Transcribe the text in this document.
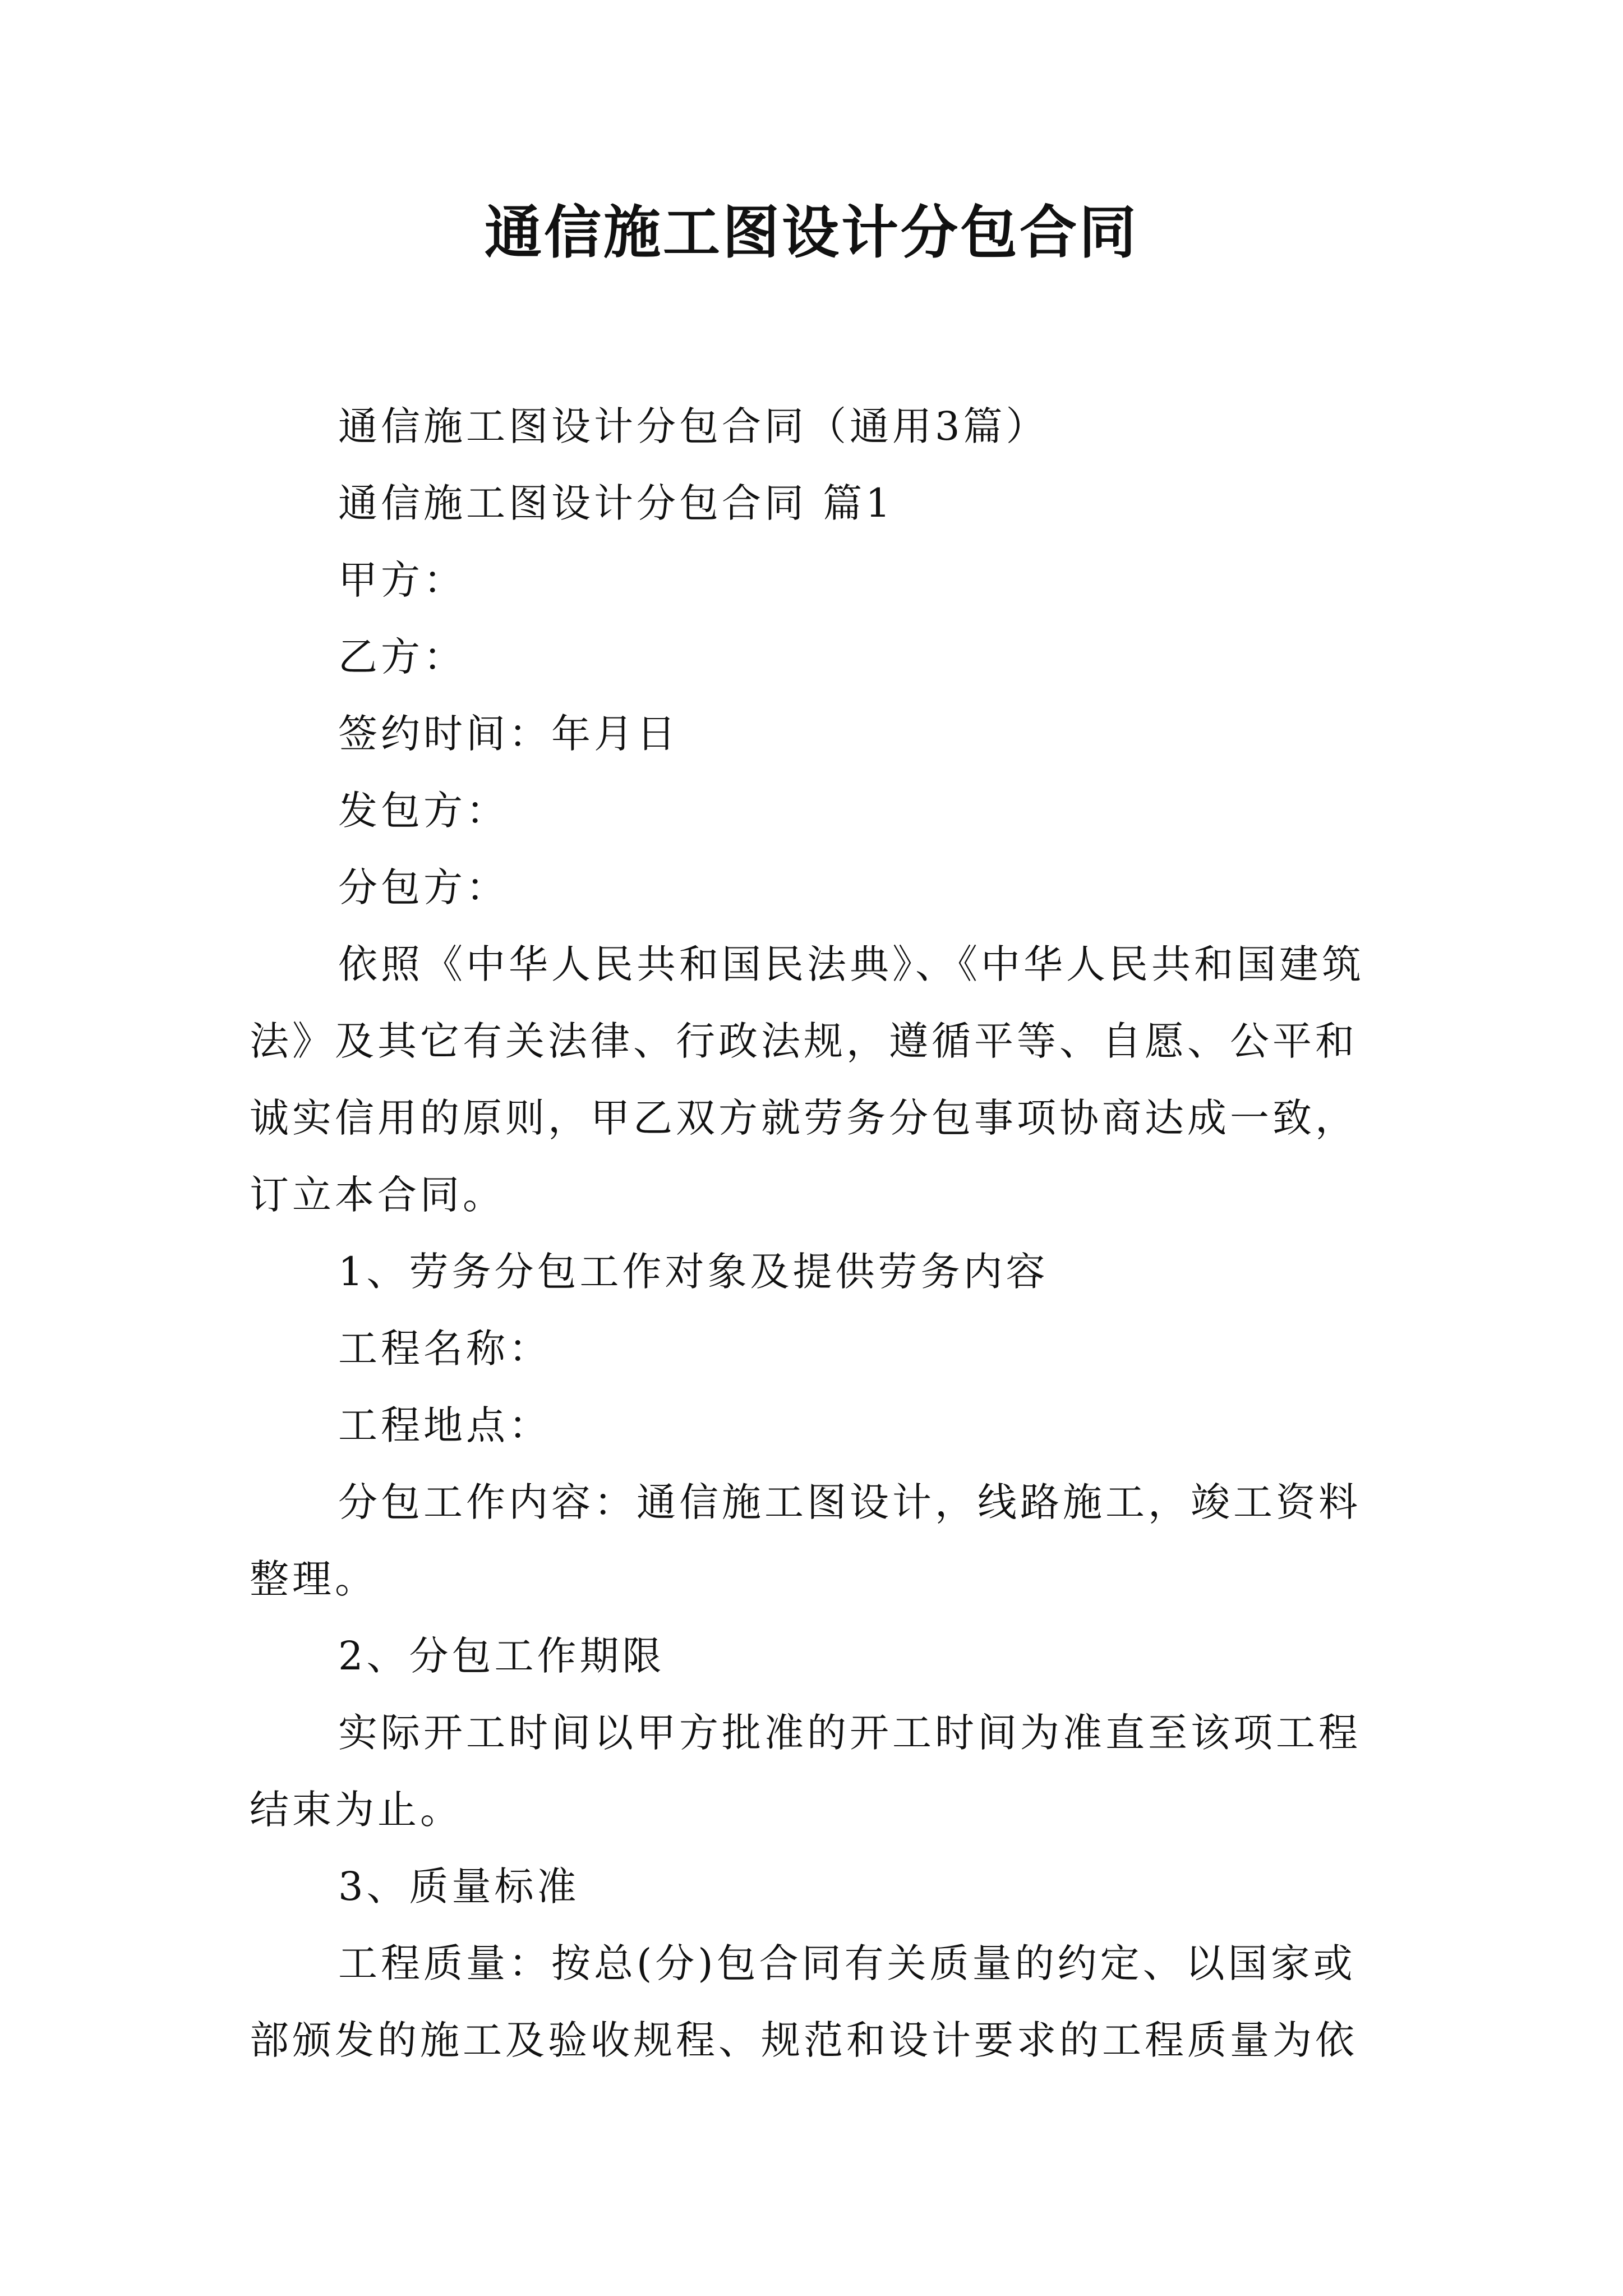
通信施工图设计分包合同

通信施工图设计分包合同（通用3篇）

通信施工图设计分包合同 篇1

甲方：

乙方：

签约时间：年月日

发包方：

分包方：

依照《中华人民共和国民法典》、《中华人民共和国建筑法》及其它有关法律、行政法规，遵循平等、自愿、公平和诚实信用的原则，甲乙双方就劳务分包事项协商达成一致，订立本合同。

1、劳务分包工作对象及提供劳务内容

工程名称：

工程地点：

分包工作内容：通信施工图设计，线路施工，竣工资料整理。

2、分包工作期限

实际开工时间以甲方批准的开工时间为准直至该项工程结束为止。

3、质量标准

工程质量：按总(分)包合同有关质量的约定、以国家或部颁发的施工及验收规程、规范和设计要求的工程质量为依
